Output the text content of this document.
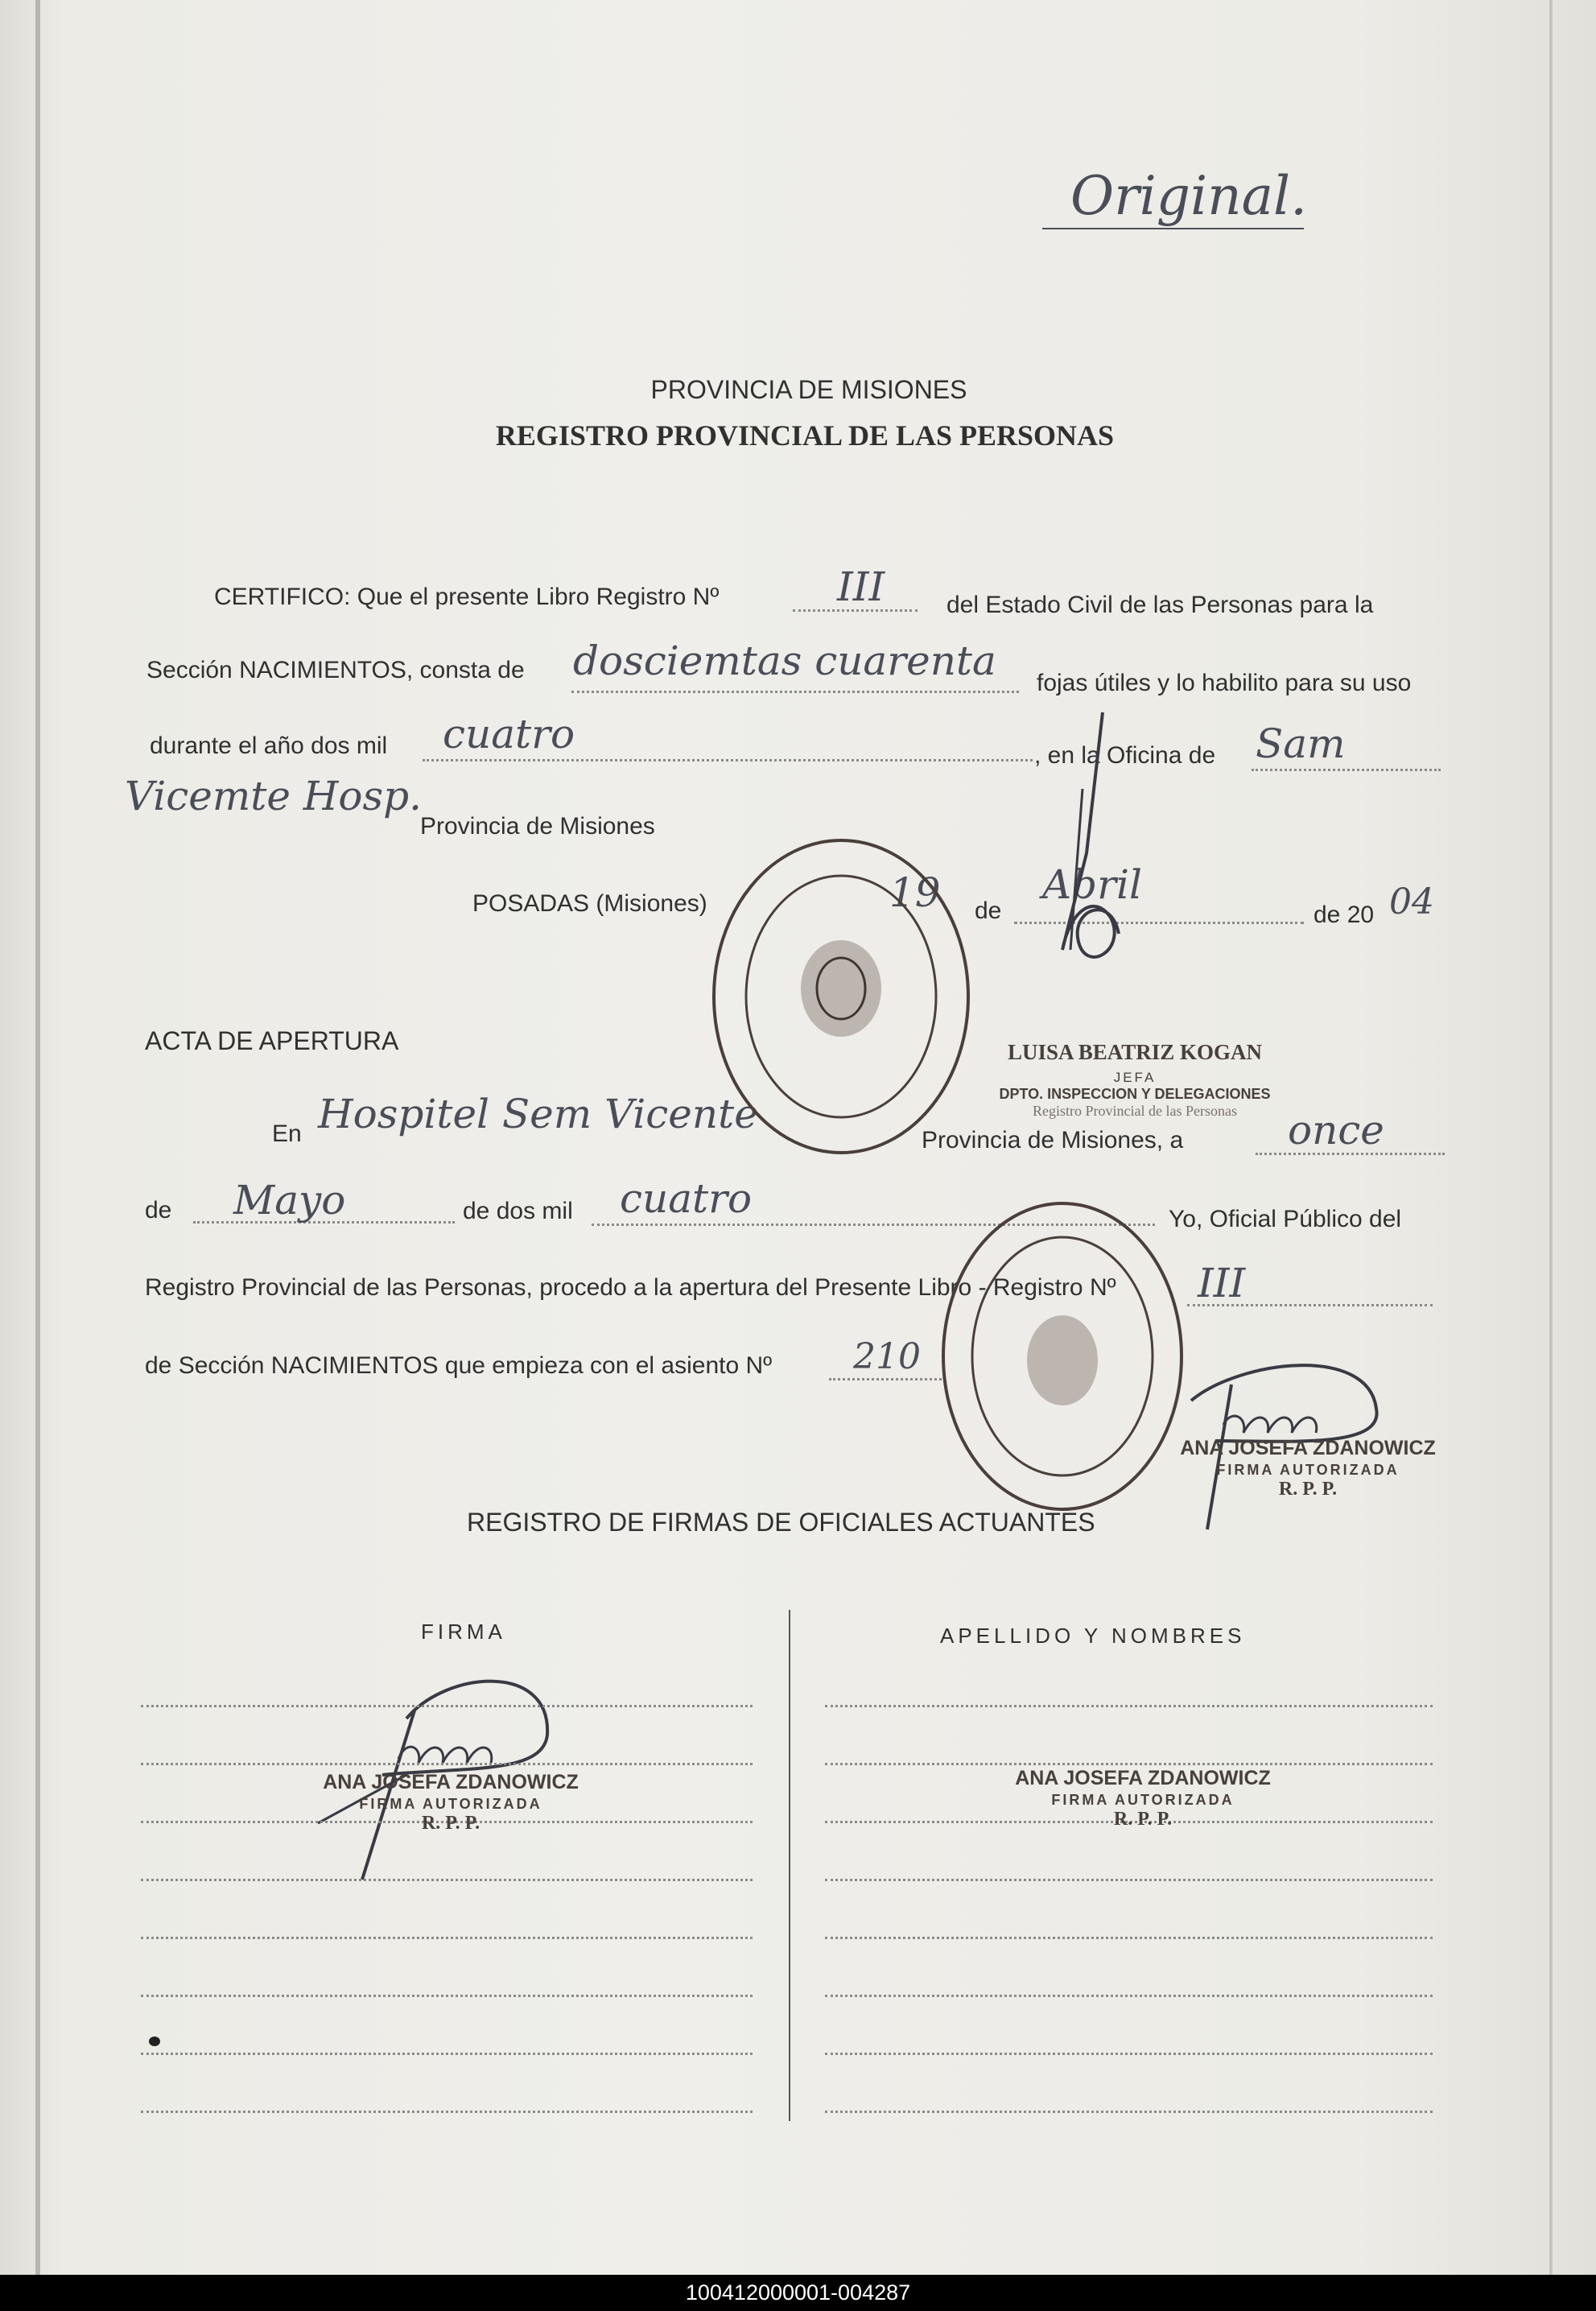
Original.
PROVINCIA DE MISIONES
REGISTRO PROVINCIAL DE LAS PERSONAS
CERTIFICO: Que el presente Libro Registro Nº	III	del Estado Civil de las Personas para la
Sección NACIMIENTOS, consta de dosciemtas cuarenta fojas útiles y lo habilito para su uso
durante el año dos mil cuatro	, en la Oficina de Sam
Vicemte Hosp.
Provincia de Misiones
POSADAS (Misiones)	19 de
Abril
de 20 04
ACTA DE APERTURA
En Hospitel Sem Vicente
Provincia de Misiones, a	once
de Mayo	de dos mil cuatro	Yo, Oficial Público del
Registro Provincial de las Personas, procedo a la apertura del Presente Libro - Registro Nº III
de Sección NACIMIENTOS que empieza con el asiento Nº 210
LUISA BEATRIZ KOGAN
JEFA
DPTO. INSPECCION Y DELEGACIONES
Registro Provincial de las Personas
ANA JOSEFA ZDANOWICZ
FIRMA AUTORIZADA
R. P. P.
REGISTRO DE FIRMAS DE OFICIALES ACTUANTES
FIRMA	APELLIDO Y NOMBRES
ANA JOSEFA ZDANOWICZ
FIRMA AUTORIZADA
R. P. P.
ANA JOSEFA ZDANOWICZ
FIRMA AUTORIZADA
R. P. P.
100412000001-004287
